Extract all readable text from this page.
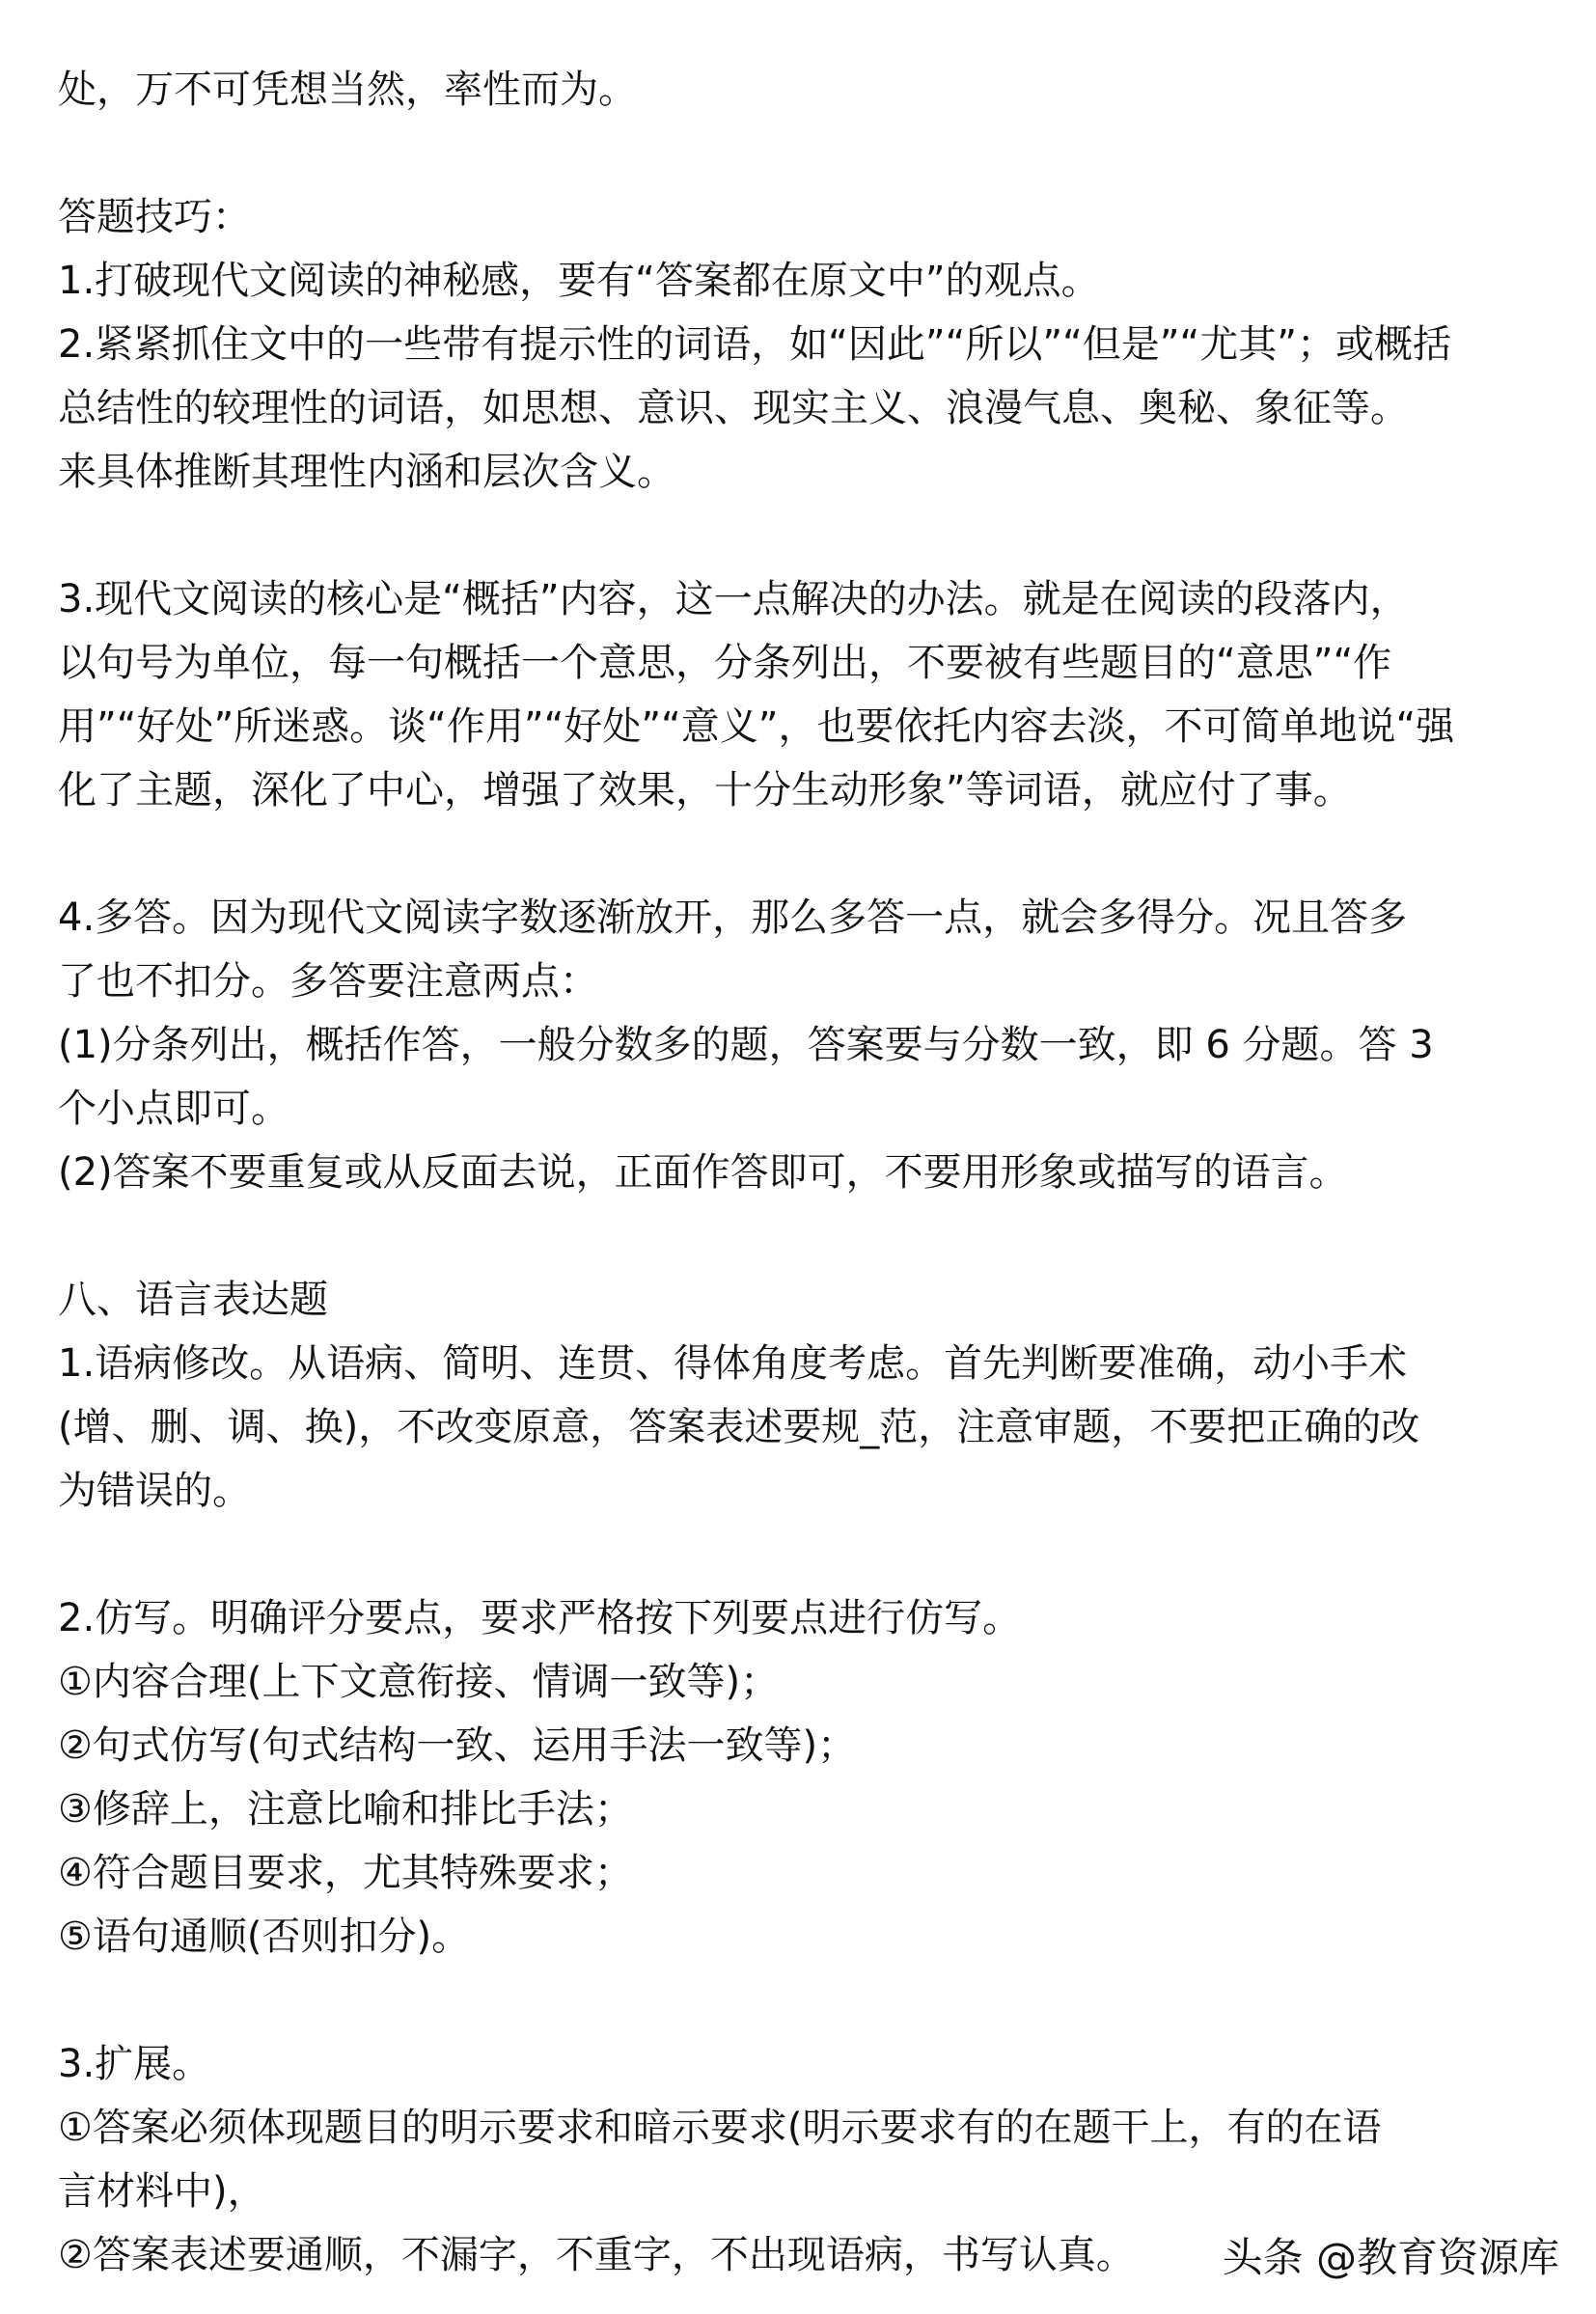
处，万不可凭想当然，率性而为。
答题技巧：
1.打破现代文阅读的神秘感，要有“答案都在原文中”的观点。
2.紧紧抓住文中的一些带有提示性的词语，如“因此”“所以”“但是”“尤其”；或概括
总结性的较理性的词语，如思想、意识、现实主义、浪漫气息、奥秘、象征等。
来具体推断其理性内涵和层次含义。
3.现代文阅读的核心是“概括”内容，这一点解决的办法。就是在阅读的段落内，
以句号为单位，每一句概括一个意思，分条列出，不要被有些题目的“意思”“作
用”“好处”所迷惑。谈“作用”“好处”“意义”，也要依托内容去淡，不可简单地说“强
化了主题，深化了中心，增强了效果，十分生动形象”等词语，就应付了事。
4.多答。因为现代文阅读字数逐渐放开，那么多答一点，就会多得分。况且答多
了也不扣分。多答要注意两点：
(1)分条列出，概括作答，一般分数多的题，答案要与分数一致，即 6 分题。答 3
个小点即可。
(2)答案不要重复或从反面去说，正面作答即可，不要用形象或描写的语言。
八、语言表达题
1.语病修改。从语病、简明、连贯、得体角度考虑。首先判断要准确，动小手术
(增、删、调、换)，不改变原意，答案表述要规_范，注意审题，不要把正确的改
为错误的。
2.仿写。明确评分要点，要求严格按下列要点进行仿写。
①内容合理(上下文意衔接、情调一致等)；
②句式仿写(句式结构一致、运用手法一致等)；
③修辞上，注意比喻和排比手法；
④符合题目要求，尤其特殊要求；
⑤语句通顺(否则扣分)。
3.扩展。
①答案必须体现题目的明示要求和暗示要求(明示要求有的在题干上，有的在语
言材料中)，
②答案表述要通顺，不漏字，不重字，不出现语病，书写认真。	头条 @教育资源库
